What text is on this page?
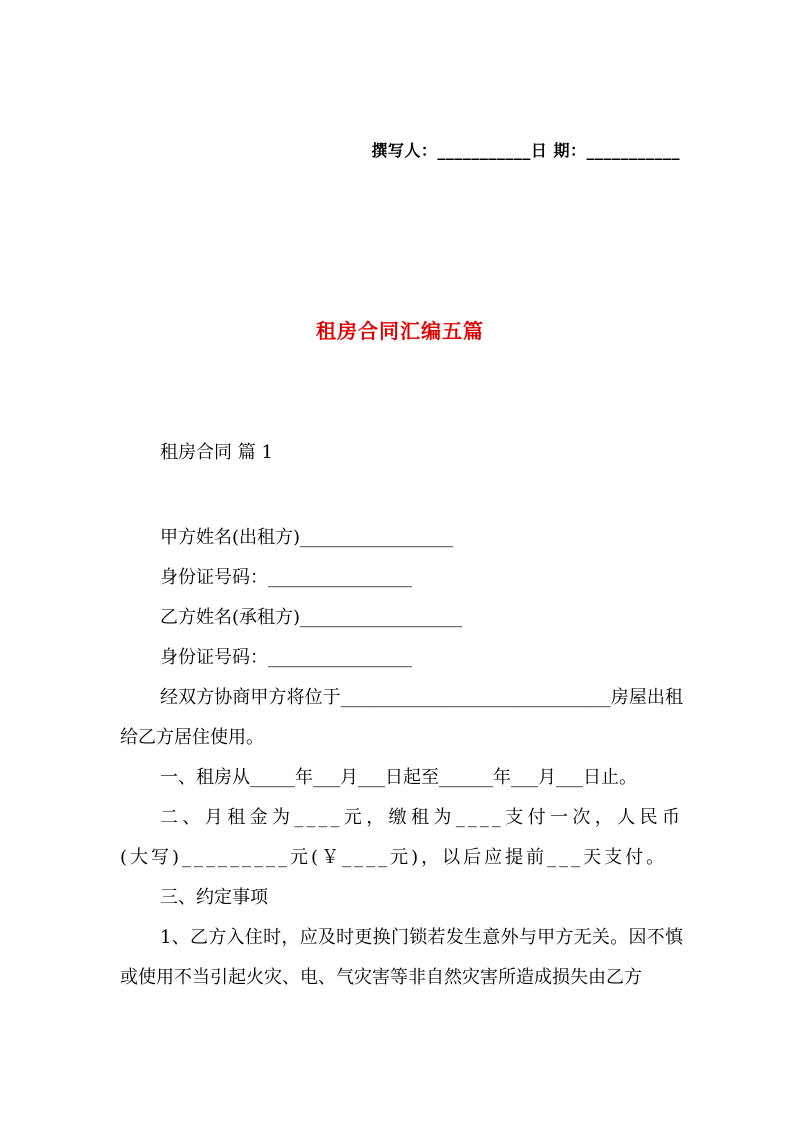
撰写人：___________日 期：___________
租房合同汇编五篇

租房合同 篇 1

甲方姓名(出租方)_________________

身份证号码：________________

乙方姓名(承租方)__________________

身份证号码：________________

经双方协商甲方将位于______________________________房屋出租给乙方居住使用。

一、租房从_____年___月___日起至______年___月___日止。

二、月租金为____元，缴租为____支付一次，人民币(大写)_________元(￥____元)，以后应提前___天支付。

三、约定事项

1、乙方入住时，应及时更换门锁若发生意外与甲方无关。因不慎或使用不当引起火灾、电、气灾害等非自然灾害所造成损失由乙方
